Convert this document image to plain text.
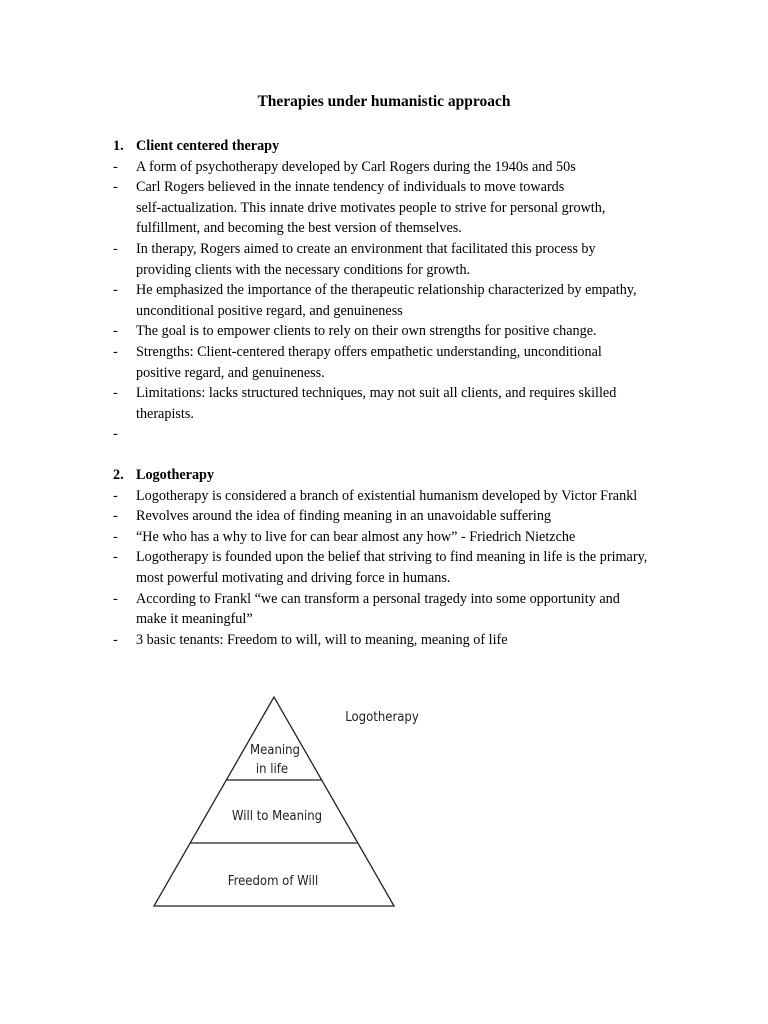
Therapies under humanistic approach
1. Client centered therapy
-	A form of psychotherapy developed by Carl Rogers during the 1940s and 50s
-	Carl Rogers believed in the innate tendency of individuals to move towards
self-actualization. This innate drive motivates people to strive for personal growth,
fulfillment, and becoming the best version of themselves.
-	In therapy, Rogers aimed to create an environment that facilitated this process by
providing clients with the necessary conditions for growth.
-	He emphasized the importance of the therapeutic relationship characterized by empathy,
unconditional positive regard, and genuineness
-	The goal is to empower clients to rely on their own strengths for positive change.
-	Strengths: Client-centered therapy offers empathetic understanding, unconditional
positive regard, and genuineness.
-	Limitations: lacks structured techniques, may not suit all clients, and requires skilled
therapists.
-

2. Logotherapy
-	Logotherapy is considered a branch of existential humanism developed by Victor Frankl
-	Revolves around the idea of finding meaning in an unavoidable suffering
-	“He who has a why to live for can bear almost any how” - Friedrich Nietzche
-	Logotherapy is founded upon the belief that striving to find meaning in life is the primary,
most powerful motivating and driving force in humans.
-	According to Frankl “we can transform a personal tragedy into some opportunity and
make it meaningful”
-	3 basic tenants: Freedom to will, will to meaning, meaning of life
Meaning
in life
Will to Meaning
Freedom of Will
Logotherapy
